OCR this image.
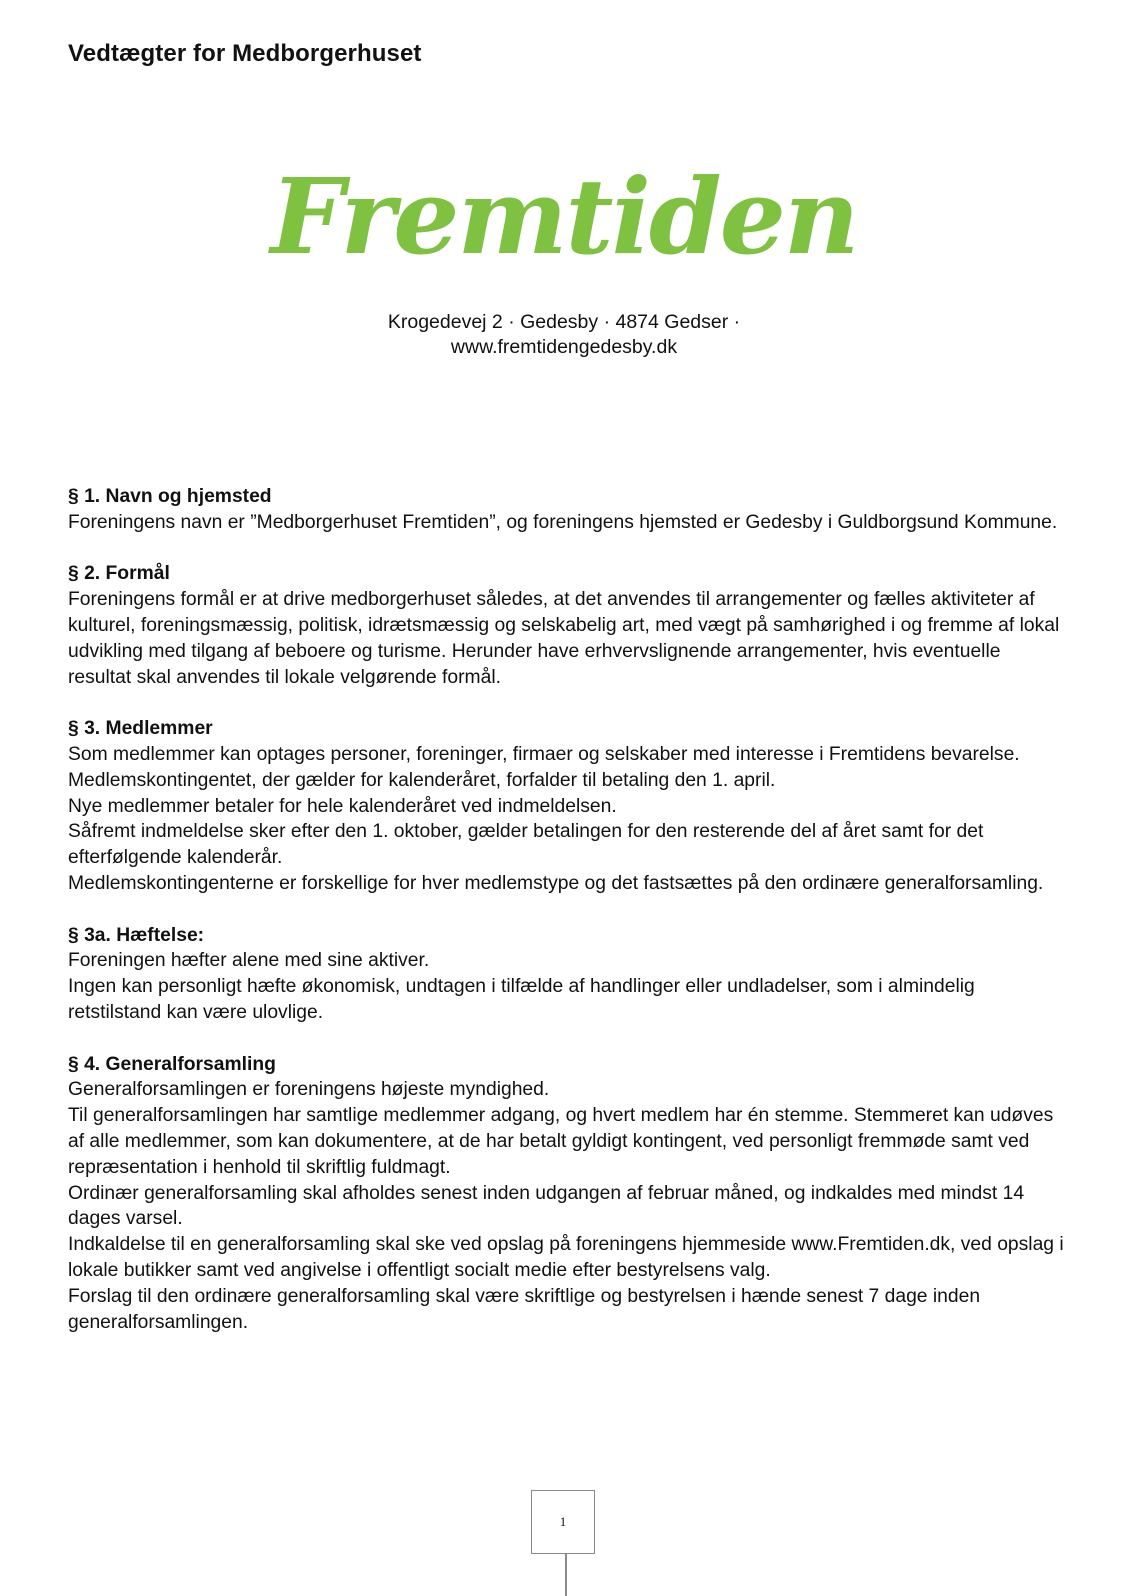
Vedtægter for Medborgerhuset
Fremtiden
Krogedevej 2 · Gedesby · 4874 Gedser ·
www.fremtidengedesby.dk
§ 1. Navn og hjemsted

Foreningens navn er ”Medborgerhuset Fremtiden”, og foreningens hjemsted er Gedesby i Guldborgsund Kommune.

§ 2. Formål

Foreningens formål er at drive medborgerhuset således, at det anvendes til arrangementer og fælles aktiviteter af kulturel, foreningsmæssig, politisk, idrætsmæssig og selskabelig art, med vægt på samhørighed i og fremme af lokal udvikling med tilgang af beboere og turisme. Herunder have erhvervslignende arrangementer, hvis eventuelle resultat skal anvendes til lokale velgørende formål.

§ 3. Medlemmer

Som medlemmer kan optages personer, foreninger, firmaer og selskaber med interesse i Fremtidens bevarelse.

Medlemskontingentet, der gælder for kalenderåret, forfalder til betaling den 1. april.

Nye medlemmer betaler for hele kalenderåret ved indmeldelsen.

Såfremt indmeldelse sker efter den 1. oktober, gælder betalingen for den resterende del af året samt for det efterfølgende kalenderår.

Medlemskontingenterne er forskellige for hver medlemstype og det fastsættes på den ordinære generalforsamling.

§ 3a. Hæftelse:

Foreningen hæfter alene med sine aktiver.

Ingen kan personligt hæfte økonomisk, undtagen i tilfælde af handlinger eller undladelser, som i almindelig retstilstand kan være ulovlige.

§ 4. Generalforsamling

Generalforsamlingen er foreningens højeste myndighed.

Til generalforsamlingen har samtlige medlemmer adgang, og hvert medlem har én stemme. Stemmeret kan udøves af alle medlemmer, som kan dokumentere, at de har betalt gyldigt kontingent, ved personligt fremmøde samt ved repræsentation i henhold til skriftlig fuldmagt.

Ordinær generalforsamling skal afholdes senest inden udgangen af februar måned, og indkaldes med mindst 14 dages varsel.

Indkaldelse til en generalforsamling skal ske ved opslag på foreningens hjemmeside www.Fremtiden.dk, ved opslag i lokale butikker samt ved angivelse i offentligt socialt medie efter bestyrelsens valg.

Forslag til den ordinære generalforsamling skal være skriftlige og bestyrelsen i hænde senest 7 dage inden generalforsamlingen.

1
